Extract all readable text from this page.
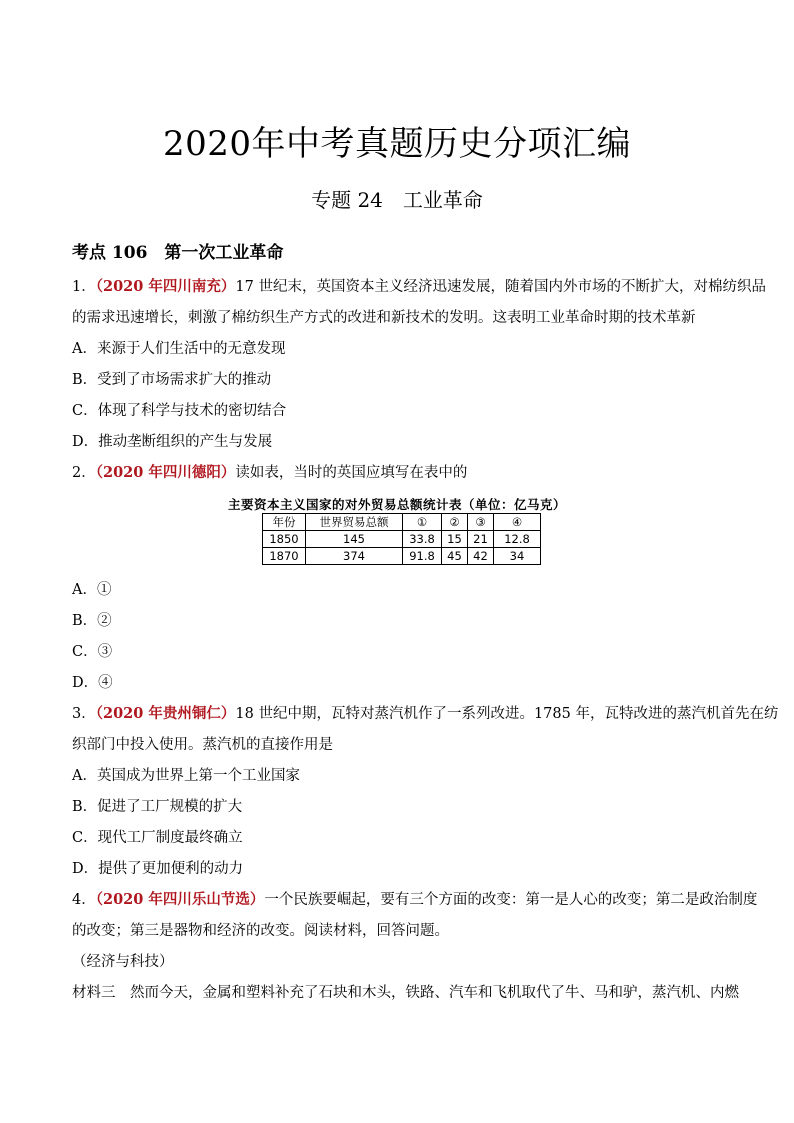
2020年中考真题历史分项汇编
专题 24　工业革命
考点 106　第一次工业革命
1．（2020 年四川南充）17 世纪末，英国资本主义经济迅速发展，随着国内外市场的不断扩大，对棉纺织品
的需求迅速增长，刺激了棉纺织生产方式的改进和新技术的发明。这表明工业革命时期的技术革新
A．来源于人们生活中的无意发现
B．受到了市场需求扩大的推动
C．体现了科学与技术的密切结合
D．推动垄断组织的产生与发展
2．（2020 年四川德阳）读如表，当时的英国应填写在表中的
主要资本主义国家的对外贸易总额统计表（单位：亿马克）
年份	世界贸易总额	①	②	③	④
1850	145	33.8	15	21	12.8
1870	374	91.8	45	42	34
A．①
B．②
C．③
D．④
3．（2020 年贵州铜仁）18 世纪中期，瓦特对蒸汽机作了一系列改进。1785 年，瓦特改进的蒸汽机首先在纺
织部门中投入使用。蒸汽机的直接作用是
A．英国成为世界上第一个工业国家
B．促进了工厂规模的扩大
C．现代工厂制度最终确立
D．提供了更加便利的动力
4．（2020 年四川乐山节选）一个民族要崛起，要有三个方面的改变：第一是人心的改变；第二是政治制度
的改变；第三是器物和经济的改变。阅读材料，回答问题。
（经济与科技）
材料三　然而今天，金属和塑料补充了石块和木头，铁路、汽车和飞机取代了牛、马和驴，蒸汽机、内燃
